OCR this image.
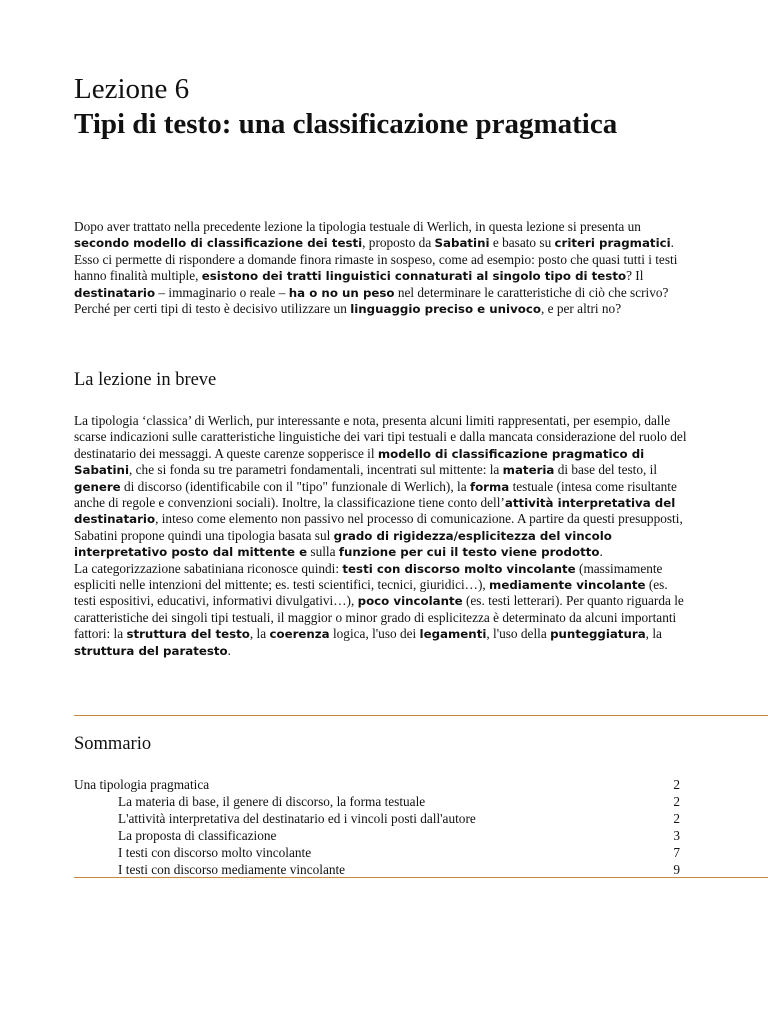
Lezione 6
Tipi di testo: una classificazione pragmatica

Dopo aver trattato nella precedente lezione la tipologia testuale di Werlich, in questa lezione si presenta un secondo modello di classificazione dei testi, proposto da Sabatini e basato su criteri pragmatici. Esso ci permette di rispondere a domande finora rimaste in sospeso, come ad esempio: posto che quasi tutti i testi hanno finalità multiple, esistono dei tratti linguistici connaturati al singolo tipo di testo? Il destinatario – immaginario o reale – ha o no un peso nel determinare le caratteristiche di ciò che scrivo? Perché per certi tipi di testo è decisivo utilizzare un linguaggio preciso e univoco, e per altri no?

La lezione in breve

La tipologia ‘classica’ di Werlich, pur interessante e nota, presenta alcuni limiti rappresentati, per esempio, dalle scarse indicazioni sulle caratteristiche linguistiche dei vari tipi testuali e dalla mancata considerazione del ruolo del destinatario dei messaggi. A queste carenze sopperisce il modello di classificazione pragmatico di Sabatini, che si fonda su tre parametri fondamentali, incentrati sul mittente: la materia di base del testo, il genere di discorso (identificabile con il "tipo" funzionale di Werlich), la forma testuale (intesa come risultante anche di regole e convenzioni sociali). Inoltre, la classificazione tiene conto dell’attività interpretativa del destinatario, inteso come elemento non passivo nel processo di comunicazione. A partire da questi presupposti, Sabatini propone quindi una tipologia basata sul grado di rigidezza/esplicitezza del vincolo interpretativo posto dal mittente e sulla funzione per cui il testo viene prodotto.
La categorizzazione sabatiniana riconosce quindi: testi con discorso molto vincolante (massimamente espliciti nelle intenzioni del mittente; es. testi scientifici, tecnici, giuridici…), mediamente vincolante (es. testi espositivi, educativi, informativi divulgativi…), poco vincolante (es. testi letterari). Per quanto riguarda le caratteristiche dei singoli tipi testuali, il maggior o minor grado di esplicitezza è determinato da alcuni importanti fattori: la struttura del testo, la coerenza logica, l'uso dei legamenti, l'uso della punteggiatura, la struttura del paratesto.

Sommario
Una tipologia pragmatica	2
La materia di base, il genere di discorso, la forma testuale	2
L'attività interpretativa del destinatario ed i vincoli posti dall'autore	2
La proposta di classificazione	3
I testi con discorso molto vincolante	7
I testi con discorso mediamente vincolante	9
